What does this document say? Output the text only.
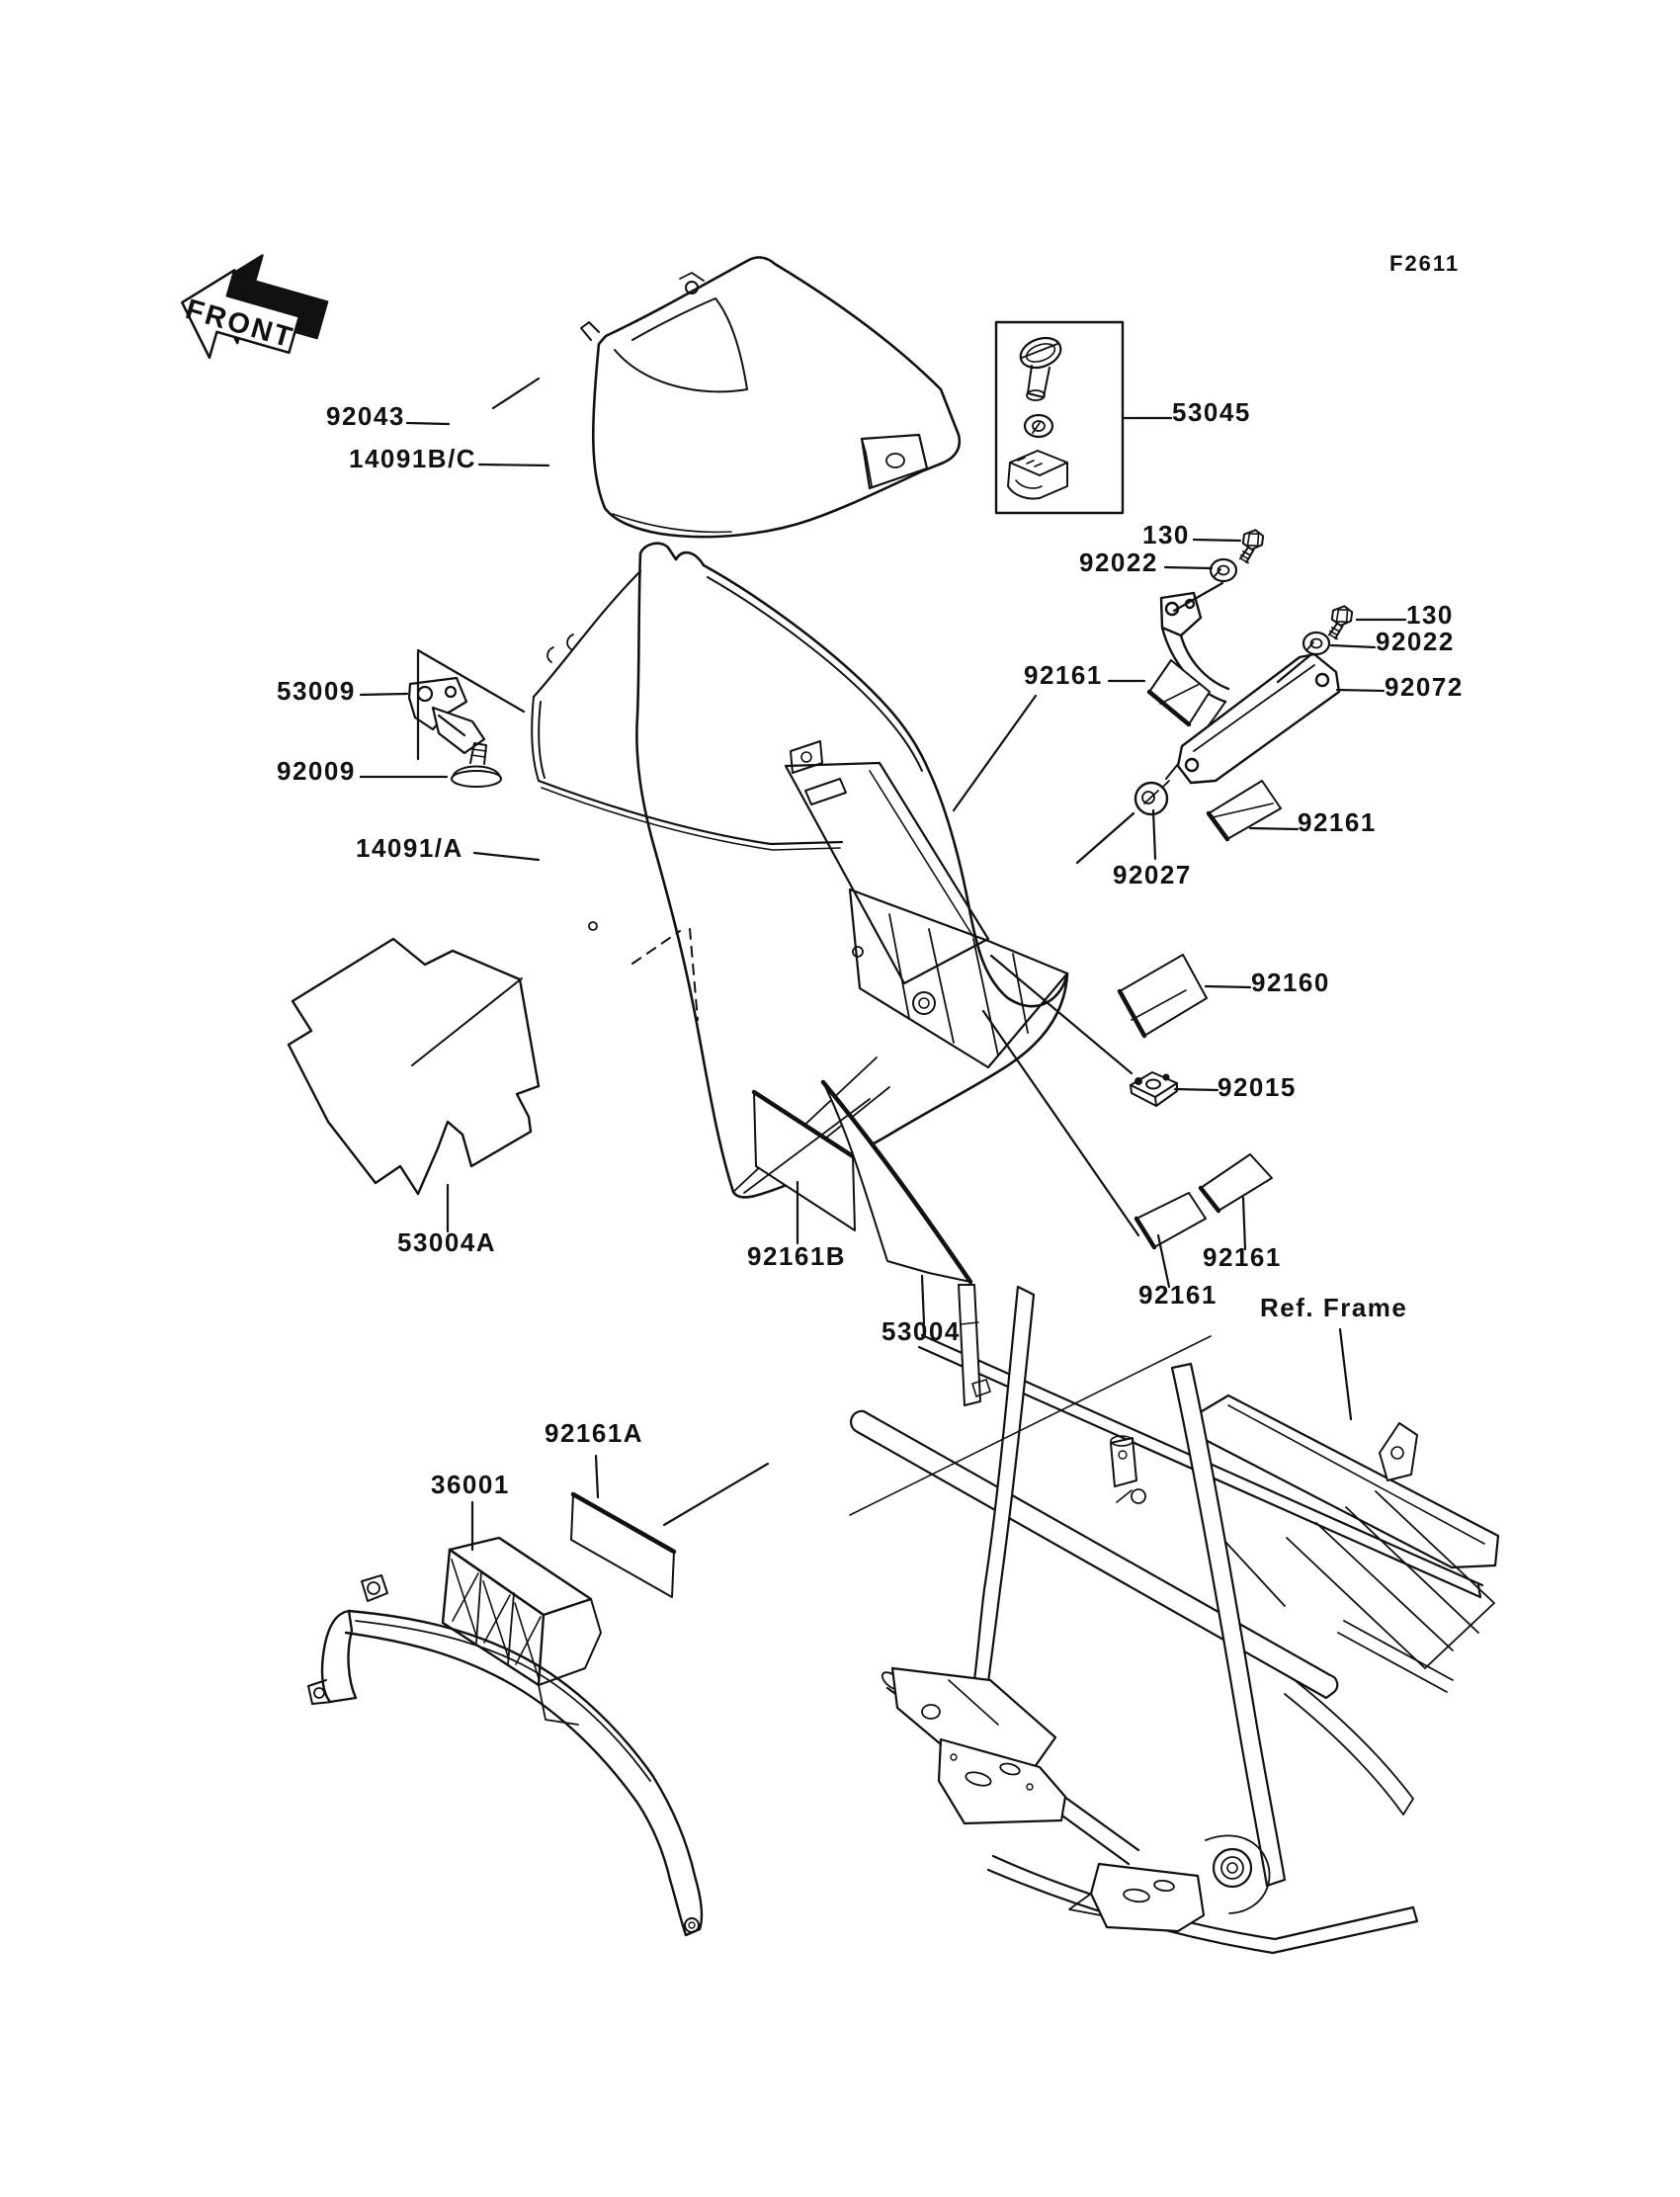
FRONT
92043
14091B/C
53045
130
92022
130
92022
92072
92161
53009
92009
14091/A
92027
92161
92160
92015
53004A	92161B
53004
92161
92161 Ref. Frame
92161A
36001
F2611
